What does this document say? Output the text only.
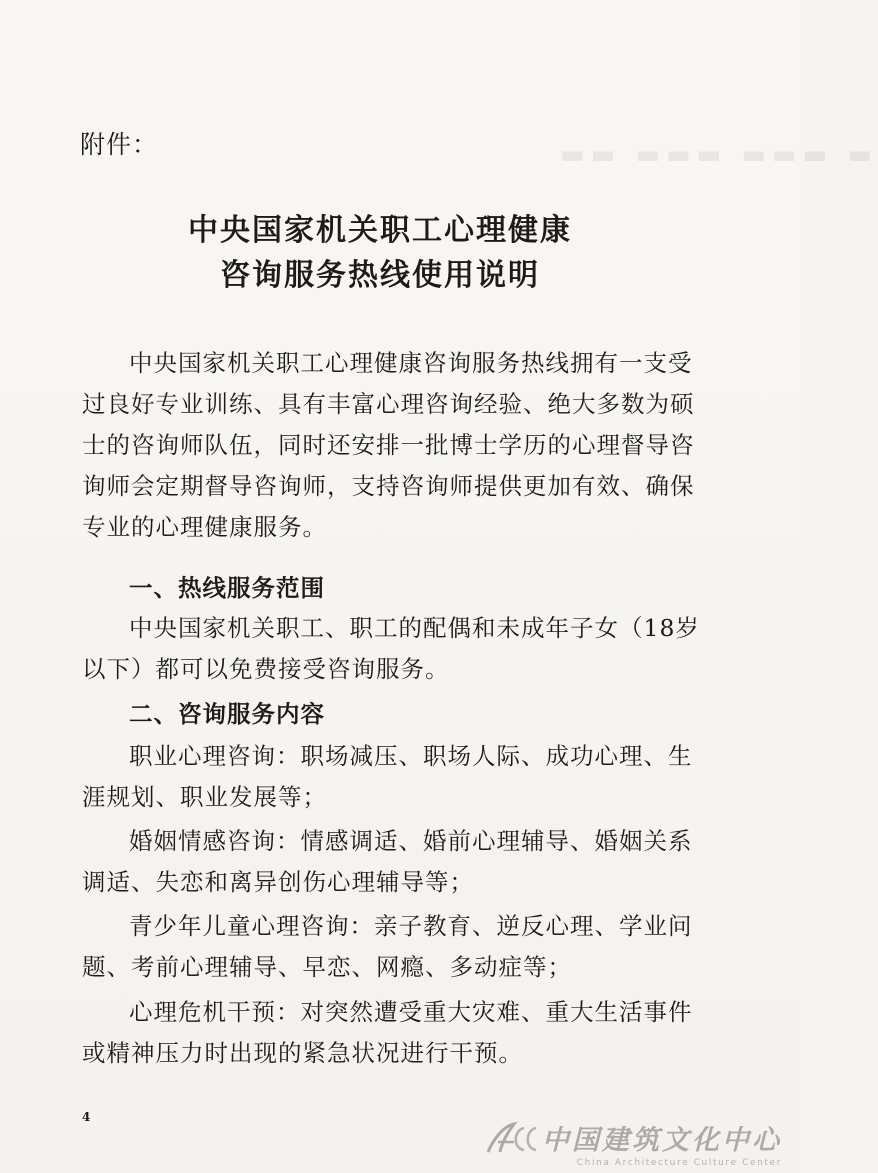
▬▬ ▬▬▬ ▬▬▬ ▬
附件：
中央国家机关职工心理健康
咨询服务热线使用说明

中央国家机关职工心理健康咨询服务热线拥有一支受过良好专业训练、具有丰富心理咨询经验、绝大多数为硕士的咨询师队伍，同时还安排一批博士学历的心理督导咨询师会定期督导咨询师，支持咨询师提供更加有效、确保专业的心理健康服务。

一、热线服务范围

中央国家机关职工、职工的配偶和未成年子女（18岁以下）都可以免费接受咨询服务。

二、咨询服务内容

职业心理咨询：职场减压、职场人际、成功心理、生涯规划、职业发展等；

婚姻情感咨询：情感调适、婚前心理辅导、婚姻关系调适、失恋和离异创伤心理辅导等；

青少年儿童心理咨询：亲子教育、逆反心理、学业问题、考前心理辅导、早恋、网瘾、多动症等；

心理危机干预：对突然遭受重大灾难、重大生活事件或精神压力时出现的紧急状况进行干预。

4
中国建筑文化中心
China Architecture Culture Center
